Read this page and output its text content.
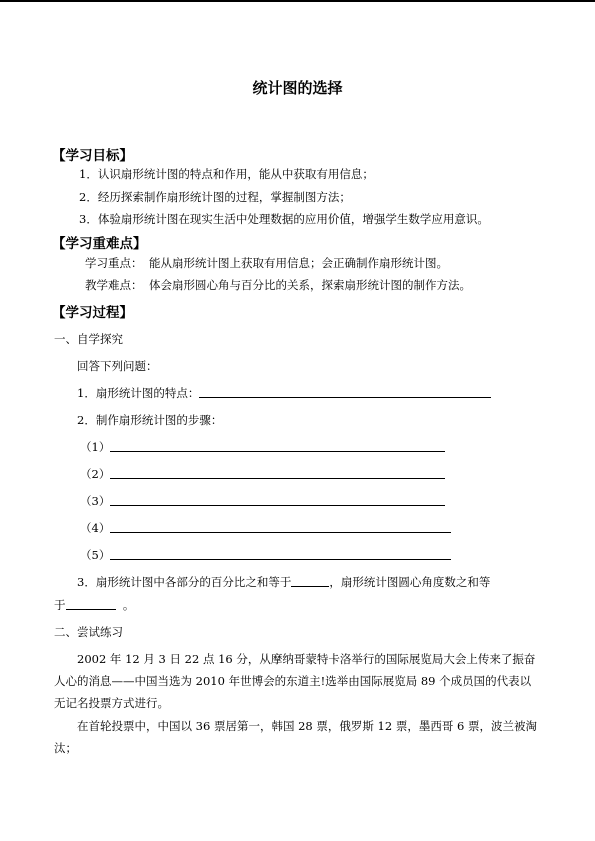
统计图的选择
【学习目标】
1．认识扇形统计图的特点和作用，能从中获取有用信息；
2．经历探索制作扇形统计图的过程，掌握制图方法；
3．体验扇形统计图在现实生活中处理数据的应用价值，增强学生数学应用意识。
【学习重难点】
学习重点： 能从扇形统计图上获取有用信息；会正确制作扇形统计图。
教学难点： 体会扇形圆心角与百分比的关系，探索扇形统计图的制作方法。
【学习过程】
一、自学探究
回答下列问题：
1．扇形统计图的特点：
2．制作扇形统计图的步骤：
（1）
（2）
（3）
（4）
（5）
3．扇形统计图中各部分的百分比之和等于	，扇形统计图圆心角度数之和等
于	。
二、尝试练习
2002 年 12 月 3 日 22 点 16 分，从摩纳哥蒙特卡洛举行的国际展览局大会上传来了振奋
人心的消息——中国当选为 2010 年世博会的东道主!选举由国际展览局 89 个成员国的代表以
无记名投票方式进行。
在首轮投票中，中国以 36 票居第一，韩国 28 票，俄罗斯 12 票，墨西哥 6 票，波兰被淘
汰；
